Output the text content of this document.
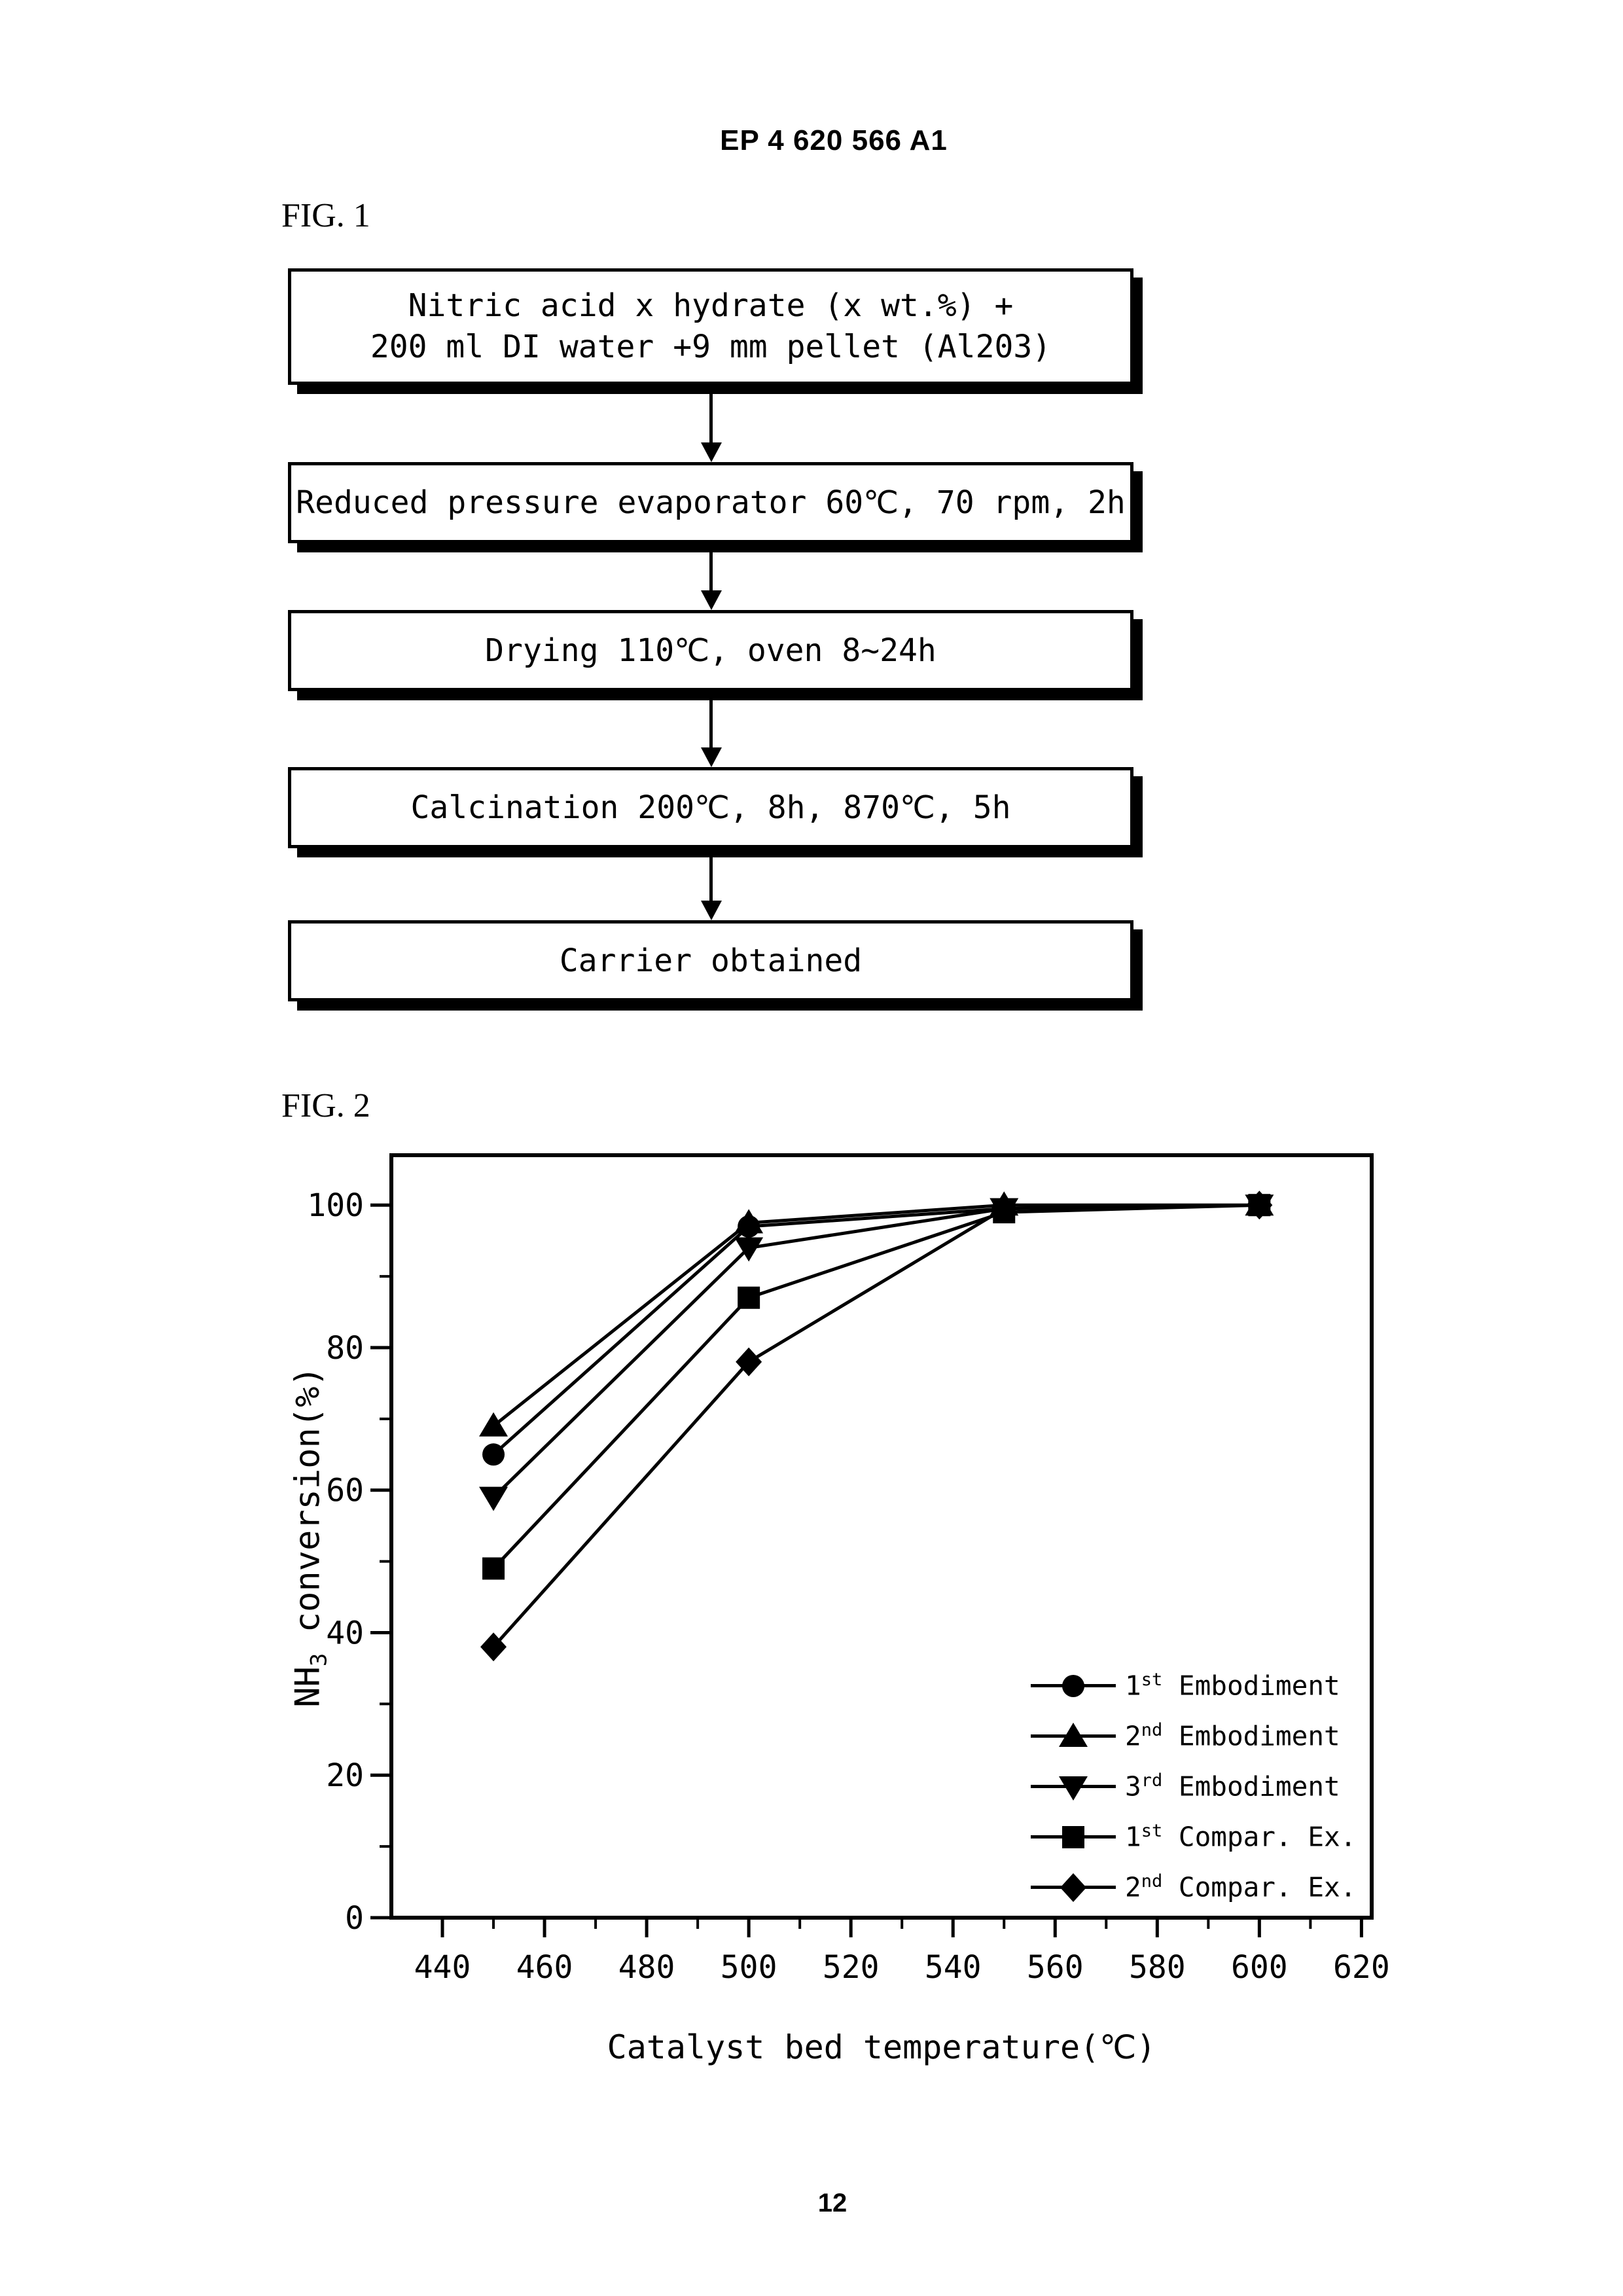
EP 4 620 566 A1
FIG. 1
Nitric acid x hydrate (x wt.%) +
200 ml DI water +9 mm pellet (Al203)
Reduced pressure evaporator 60℃, 70 rpm, 2h
Drying 110℃, oven 8~24h
Calcination 200℃, 8h, 870℃, 5h
Carrier obtained
FIG. 2
440 460 480 500 520 540 560 580 600 620
0
20
40
60
80
100
$NH_3$ conversion(%)
Catalyst bed temperature(℃)
1st Embodiment
2nd Embodiment
3rd Embodiment
1st Compar. Ex.
2nd Compar. Ex.
12
